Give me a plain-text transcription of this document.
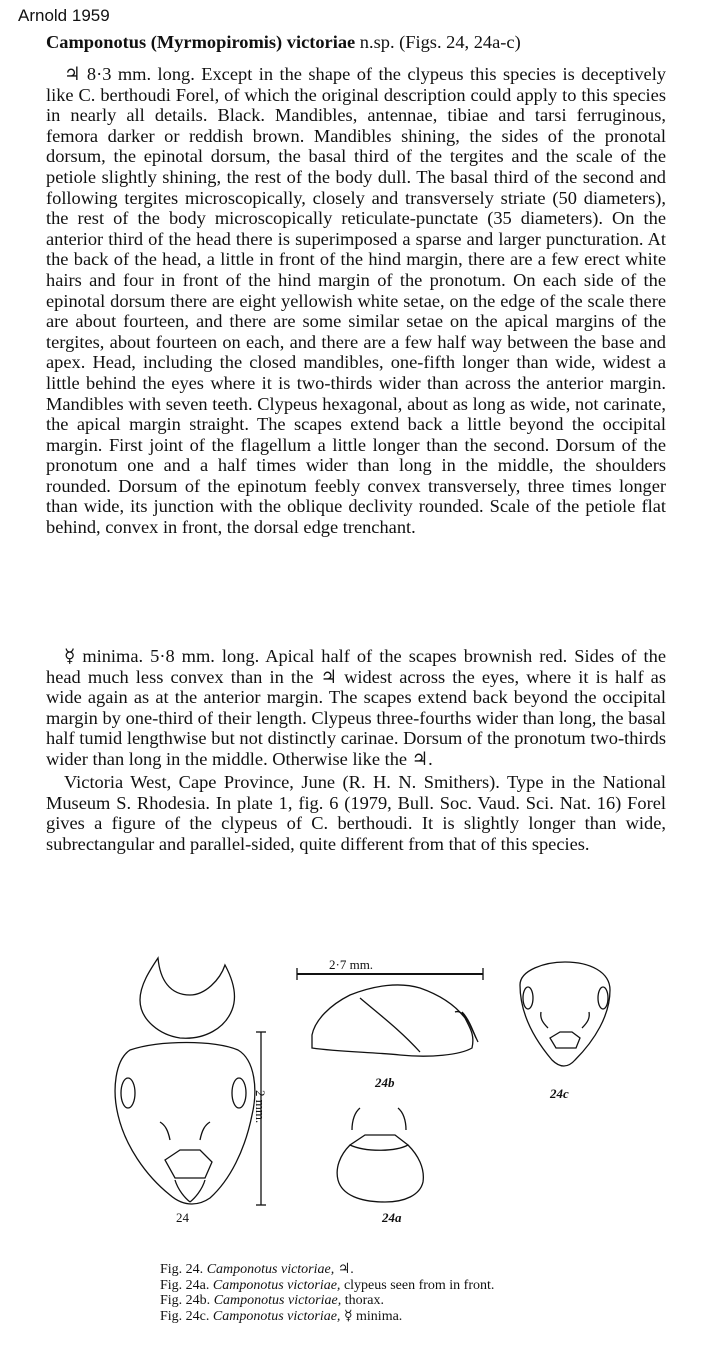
Arnold 1959
Camponotus (Myrmopiromis) victoriae n.sp. (Figs. 24, 24a-c)

♃ 8·3 mm. long. Except in the shape of the clypeus this species is deceptively like C. berthoudi Forel, of which the original description could apply to this species in nearly all details. Black. Mandibles, antennae, tibiae and tarsi ferruginous, femora darker or reddish brown. Mandibles shining, the sides of the pronotal dorsum, the epinotal dorsum, the basal third of the tergites and the scale of the petiole slightly shining, the rest of the body dull. The basal third of the second and following tergites microscopically, closely and transversely striate (50 diameters), the rest of the body microscopically reticulate-punctate (35 diameters). On the anterior third of the head there is superimposed a sparse and larger puncturation. At the back of the head, a little in front of the hind margin, there are a few erect white hairs and four in front of the hind margin of the pronotum. On each side of the epinotal dorsum there are eight yellowish white setae, on the edge of the scale there are about fourteen, and there are some similar setae on the apical margins of the tergites, about fourteen on each, and there are a few half way between the base and apex. Head, including the closed mandibles, one-fifth longer than wide, widest a little behind the eyes where it is two-thirds wider than across the anterior margin. Mandibles with seven teeth. Clypeus hexagonal, about as long as wide, not carinate, the apical margin straight. The scapes extend back a little beyond the occipital margin. First joint of the flagellum a little longer than the second. Dorsum of the pronotum one and a half times wider than long in the middle, the shoulders rounded. Dorsum of the epinotum feebly convex transversely, three times longer than wide, its junction with the oblique declivity rounded. Scale of the petiole flat behind, convex in front, the dorsal edge trenchant.

☿ minima. 5·8 mm. long. Apical half of the scapes brownish red. Sides of the head much less convex than in the ♃ widest across the eyes, where it is half as wide again as at the anterior margin. The scapes extend back beyond the occipital margin by one-third of their length. Clypeus three-fourths wider than long, the basal half tumid lengthwise but not distinctly carinae. Dorsum of the pronotum two-thirds wider than long in the middle. Otherwise like the ♃.

Victoria West, Cape Province, June (R. H. N. Smithers). Type in the National Museum S. Rhodesia. In plate 1, fig. 6 (1979, Bull. Soc. Vaud. Sci. Nat. 16) Forel gives a figure of the clypeus of C. berthoudi. It is slightly longer than wide, subrectangular and parallel-sided, quite different from that of this species.

2·7 mm.
2 mm.
24	24a
24b
24c
Fig. 24. Camponotus victoriae, ♃.
Fig. 24a. Camponotus victoriae, clypeus seen from in front.
Fig. 24b. Camponotus victoriae, thorax.
Fig. 24c. Camponotus victoriae, ☿ minima.
